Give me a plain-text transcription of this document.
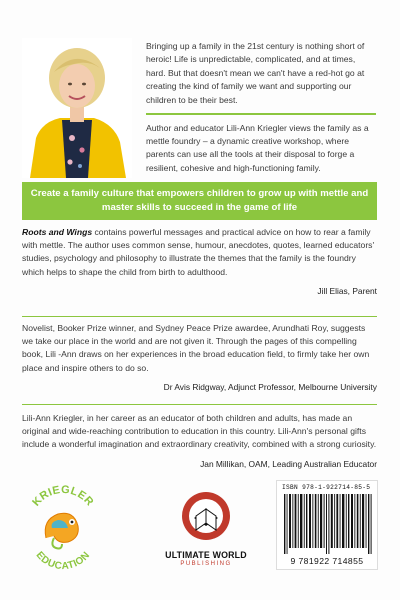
Bringing up a family in the 21st century is nothing short of heroic! Life is unpredictable, complicated, and at times, hard. But that doesn't mean we can't have a red-hot go at creating the kind of family we want and supporting our children to be their best.

Author and educator Lili-Ann Kriegler views the family as a mettle foundry – a dynamic creative workshop, where parents can use all the tools at their disposal to forge a resilient, cohesive and high-functioning family.

Create a family culture that empowers children to grow up with mettle and master skills to succeed in the game of life

Roots and Wings contains powerful messages and practical advice on how to rear a family with mettle. The author uses common sense, humour, anecdotes, quotes, learned educators' studies, psychology and philosophy to illustrate the themes that the family is the foundry which helps to shape the child from birth to adulthood.

Jill Elias, Parent

Novelist, Booker Prize winner, and Sydney Peace Prize awardee, Arundhati Roy, suggests we take our place in the world and are not given it. Through the pages of this compelling book, Lili -Ann draws on her experiences in the broad education field, to firmly take her own place and inspire others to do so.

Dr Avis Ridgway, Adjunct Professor, Melbourne University

Lili-Ann Kriegler, in her career as an educator of both children and adults, has made an original and wide-reaching contribution to education in this country. Lili-Ann's personal gifts include a wonderful imagination and extraordinary creativity, combined with a strong curiosity.

Jan Millikan, OAM, Leading Australian Educator
KRIEGLER
EDUCATION	ULTIMATE WORLD
PUBLISHING
ISBN 978-1-922714-85-5
9 781922 714855
